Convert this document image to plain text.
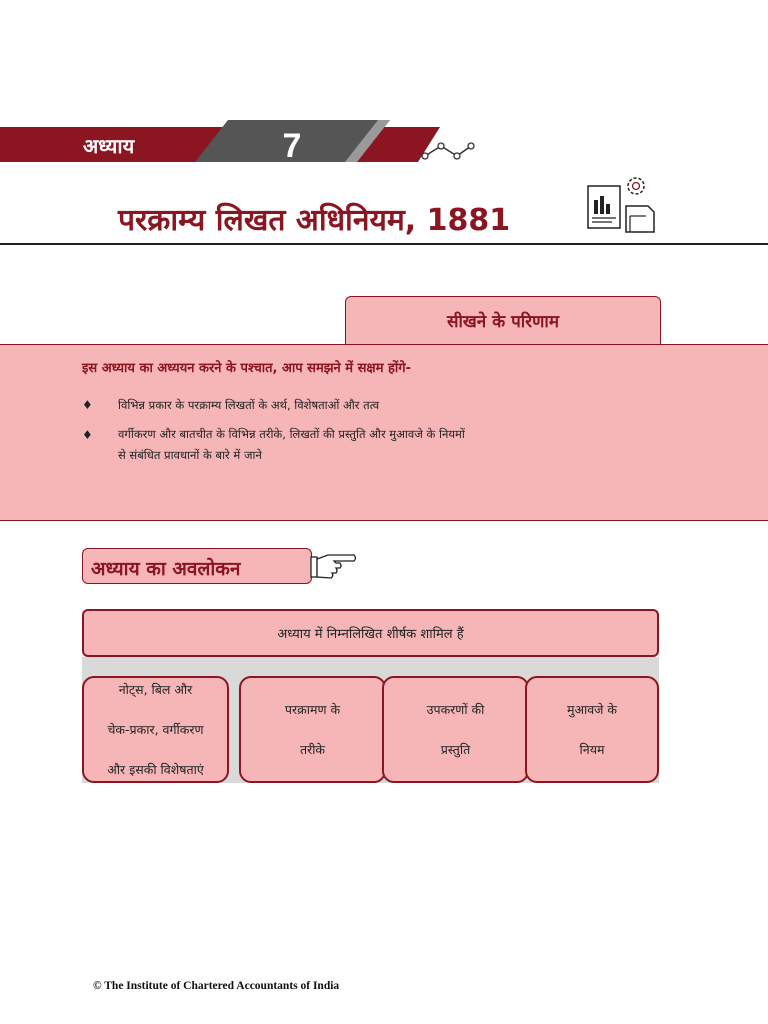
अध्याय	7
परक्राम्य लिखत अधिनियम, 1881
सीखने के परिणाम
इस अध्याय का अध्ययन करने के पश्चात, आप समझने में सक्षम होंगे-
♦ विभिन्न प्रकार के परक्राम्य लिखतों के अर्थ, विशेषताओं और तत्व
♦ वर्गीकरण और बातचीत के विभिन्न तरीके, लिखतों की प्रस्तुति और मुआवजे के नियमों
से संबंधित प्रावधानों के बारे में जाने
अध्याय का अवलोकन
अध्याय में निम्नलिखित शीर्षक शामिल हैं
नोट्स, बिल और

चेक-प्रकार, वर्गीकरण

और इसकी विशेषताएं
परक्रामण के

तरीके
उपकरणों की

प्रस्तुति
मुआवजे के

नियम
© The Institute of Chartered Accountants of India
